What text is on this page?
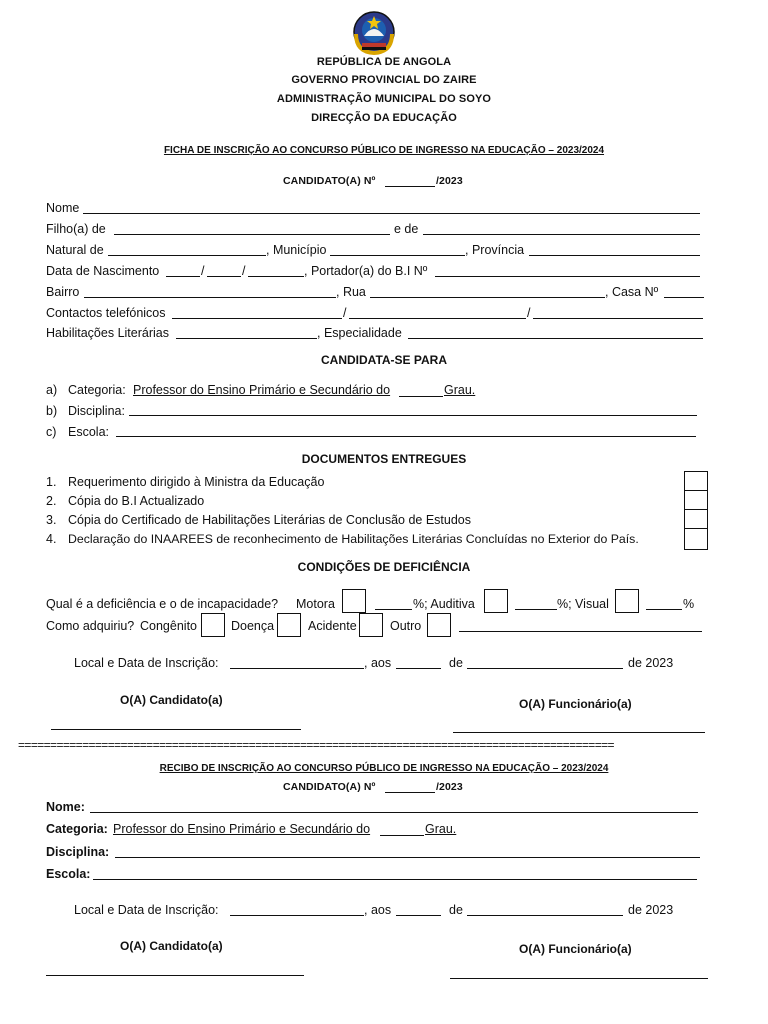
REPÚBLICA DE ANGOLA
GOVERNO PROVINCIAL DO ZAIRE
ADMINISTRAÇÃO MUNICIPAL DO SOYO
DIRECÇÃO DA EDUCAÇÃO
FICHA DE INSCRIÇÃO AO CONCURSO PÚBLICO DE INGRESSO NA EDUCAÇÃO – 2023/2024
CANDIDATO(A) Nº	/2023
Nome
Filho(a) de	e de
Natural de	, Município	, Província
Data de Nascimento	/	/	, Portador(a) do B.I Nº
Bairro	, Rua	, Casa Nº
Contactos telefónicos	/	/
Habilitações Literárias	, Especialidade
CANDIDATA-SE PARA
a) Categoria: Professor do Ensino Primário e Secundário do	Grau.
b) Disciplina:
c) Escola:
DOCUMENTOS ENTREGUES
1. Requerimento dirigido à Ministra da Educação
2. Cópia do B.I Actualizado
3. Cópia do Certificado de Habilitações Literárias de Conclusão de Estudos
4. Declaração do INAAREES de reconhecimento de Habilitações Literárias Concluídas no Exterior do País.
CONDIÇÕES DE DEFICIÊNCIA
Qual é a deficiência e o de incapacidade? Motora	%; Auditiva	%; Visual	%
Como adquiriu? Congênito	Doença	Acidente	Outro
Local e Data de Inscrição:	, aos	de	de 2023
O(A) Candidato(a)	O(A) Funcionário(a)
=============================================================================================
RECIBO DE INSCRIÇÃO AO CONCURSO PÚBLICO DE INGRESSO NA EDUCAÇÃO – 2023/2024
CANDIDATO(A) Nº	/2023
Nome:
Categoria: Professor do Ensino Primário e Secundário do	Grau.
Disciplina:
Escola:
Local e Data de Inscrição:	, aos	de	de 2023
O(A) Candidato(a)	O(A) Funcionário(a)
